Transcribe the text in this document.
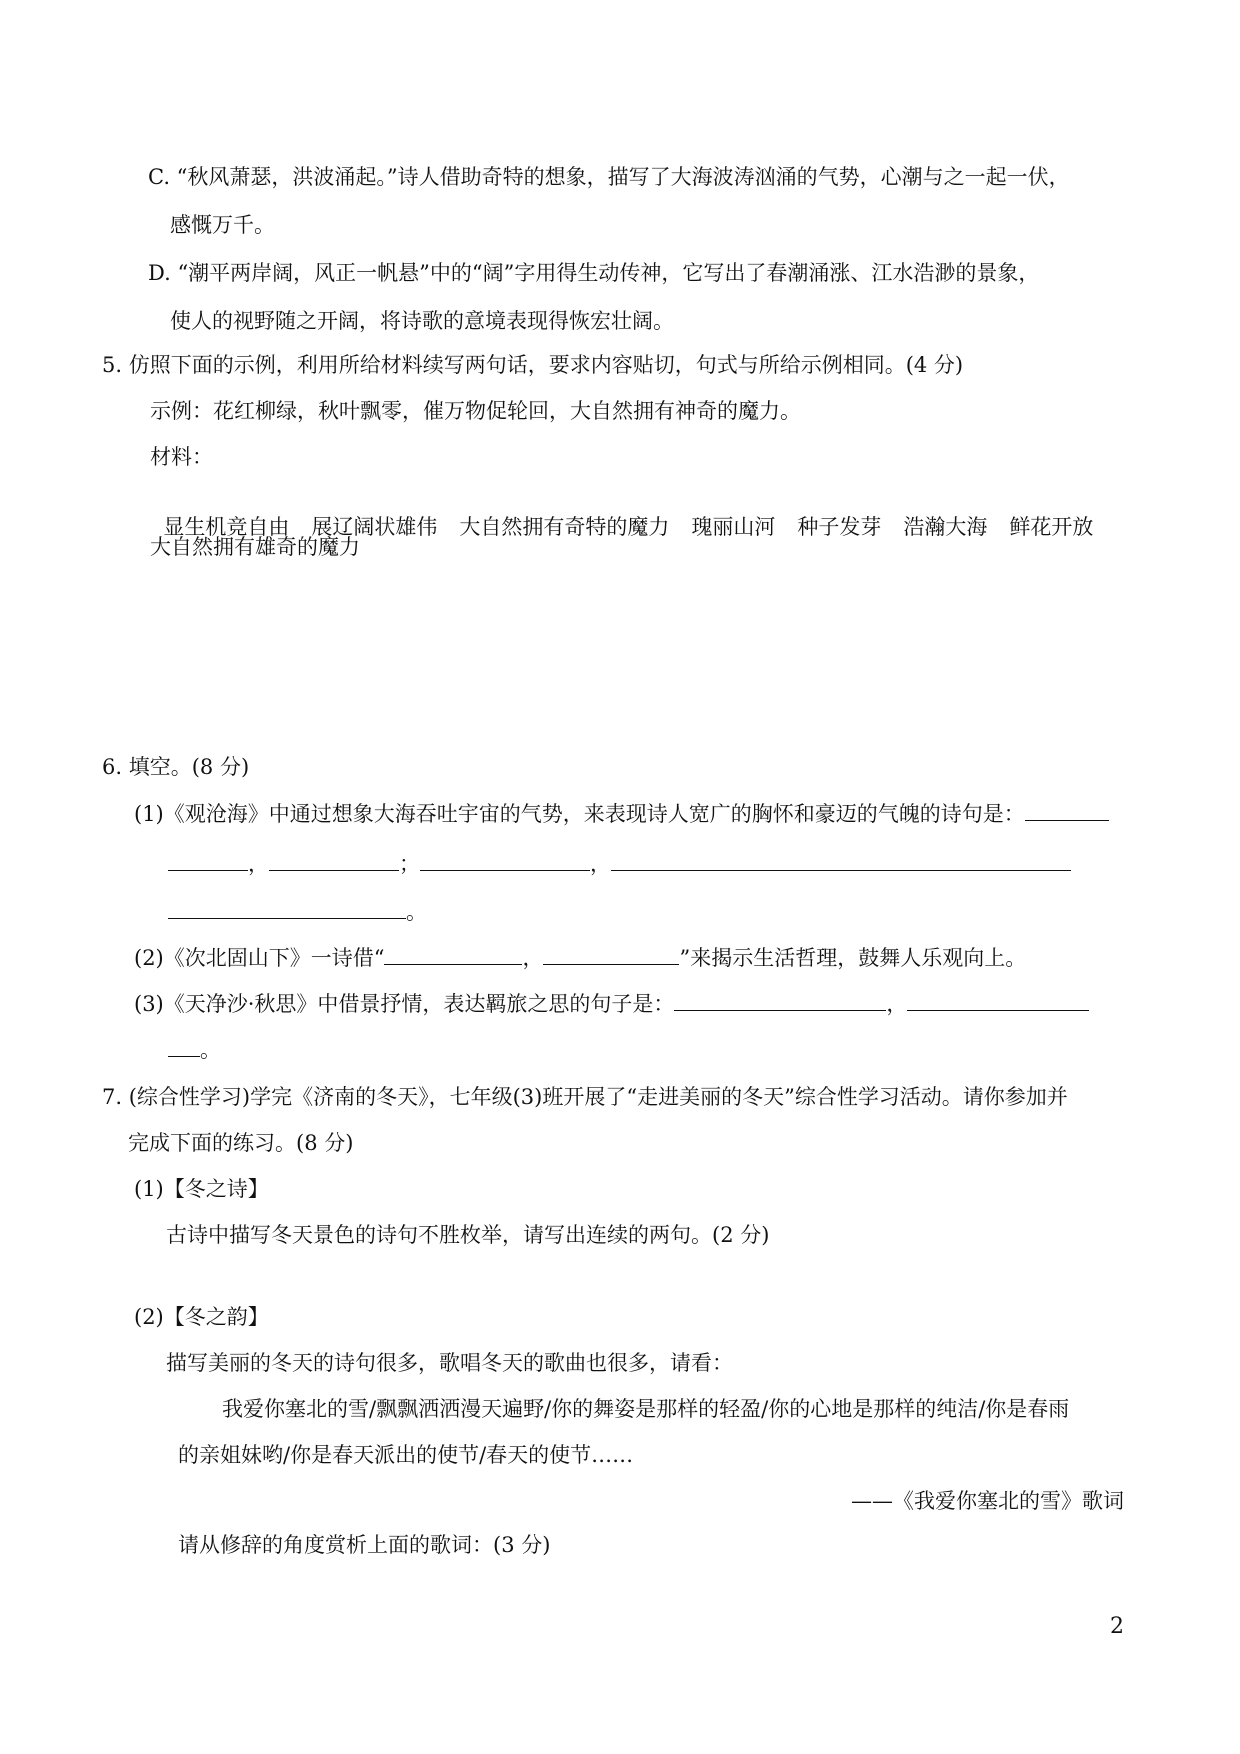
C. “秋风萧瑟，洪波涌起。”诗人借助奇特的想象，描写了大海波涛汹涌的气势，心潮与之一起一伏，
感慨万千。
D. “潮平两岸阔，风正一帆悬”中的“阔”字用得生动传神，它写出了春潮涌涨、江水浩渺的景象，
使人的视野随之开阔，将诗歌的意境表现得恢宏壮阔。
5. 仿照下面的示例，利用所给材料续写两句话，要求内容贴切，句式与所给示例相同。(4 分)
示例：花红柳绿，秋叶飘零，催万物促轮回，大自然拥有神奇的魔力。
材料：

显生机竞自由 展辽阔状雄伟 大自然拥有奇特的魔力 瑰丽山河 种子发芽 浩瀚大海 鲜花开放

大自然拥有雄奇的魔力
6. 填空。(8 分)
(1)《观沧海》中通过想象大海吞吐宇宙的气势，来表现诗人宽广的胸怀和豪迈的气魄的诗句是：
，	；	，
。
(2)《次北固山下》一诗借“	，	”来揭示生活哲理，鼓舞人乐观向上。
(3)《天净沙·秋思》中借景抒情，表达羁旅之思的句子是：	，
。
7. (综合性学习)学完《济南的冬天》，七年级(3)班开展了“走进美丽的冬天”综合性学习活动。请你参加并
完成下面的练习。(8 分)
(1)【冬之诗】
古诗中描写冬天景色的诗句不胜枚举，请写出连续的两句。(2 分)
(2)【冬之韵】
描写美丽的冬天的诗句很多，歌唱冬天的歌曲也很多，请看：
我爱你塞北的雪/飘飘洒洒漫天遍野/你的舞姿是那样的轻盈/你的心地是那样的纯洁/你是春雨
的亲姐妹哟/你是春天派出的使节/春天的使节……
——《我爱你塞北的雪》歌词
请从修辞的角度赏析上面的歌词：(3 分)
2
